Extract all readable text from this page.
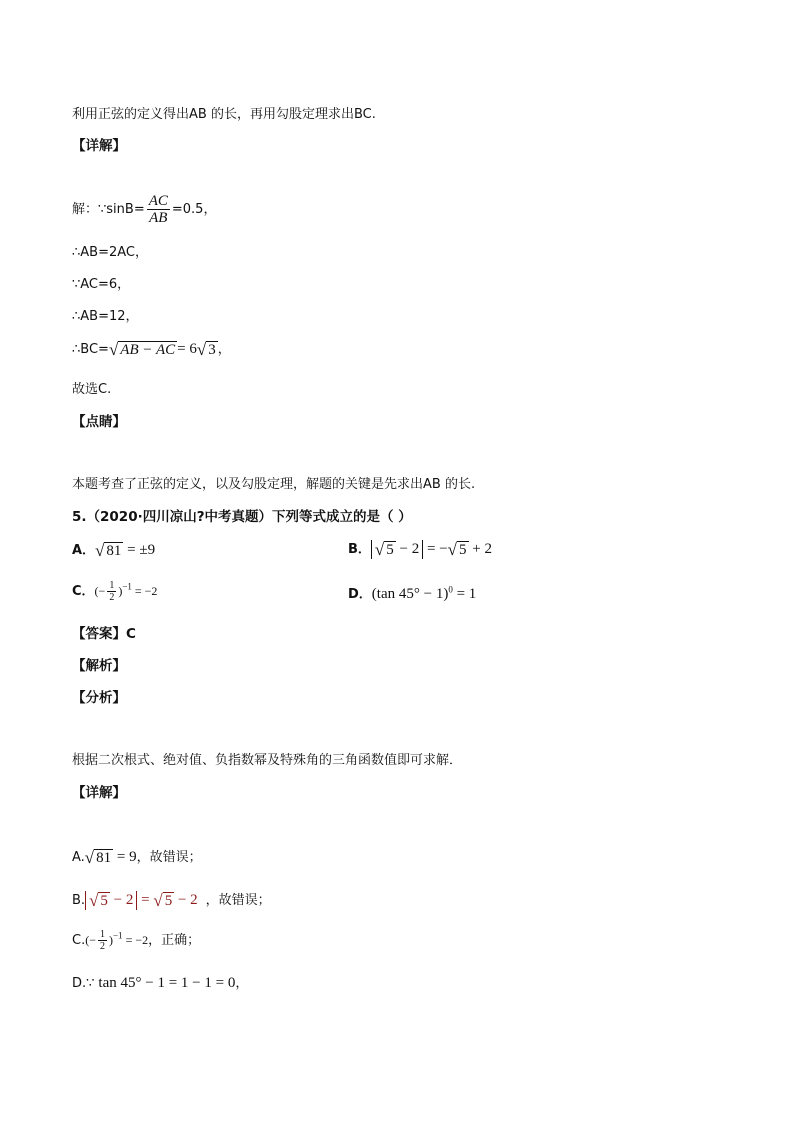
利用正弦的定义得出AB 的长，再用勾股定理求出BC.
【详解】
解：∵sinB= $\frac{AC}{AB} =0.5$，
∴AB=2AC，
∵AC=6，
∴AB=12，
∴BC= √ AB − AC = 6 √ 3 ，
故选C.
【点睛】
本题考查了正弦的定义，以及勾股定理，解题的关键是先求出AB 的长.
5.（2020·四川凉山?中考真题）下列等式成立的是（ ）
A． √ 81 = ±9	B． √ 5 − 2 = − √ 5 + 2
C．(− $\frac{1}{2} )^{-1} = -2$	D．(tan 45° − 1)$^0$ = 1
【答案】C
【解析】
【分析】
根据二次根式、绝对值、负指数幂及特殊角的三角函数值即可求解．
【详解】
A. √ 81 = 9，故错误；
B. √ 5 − 2 = √ 5 − 2 ，故错误；
$C.(- \frac{1}{2} )^{-1} = -2$，正确；
D.∵ tan 45° − 1 = 1 − 1 = 0，
